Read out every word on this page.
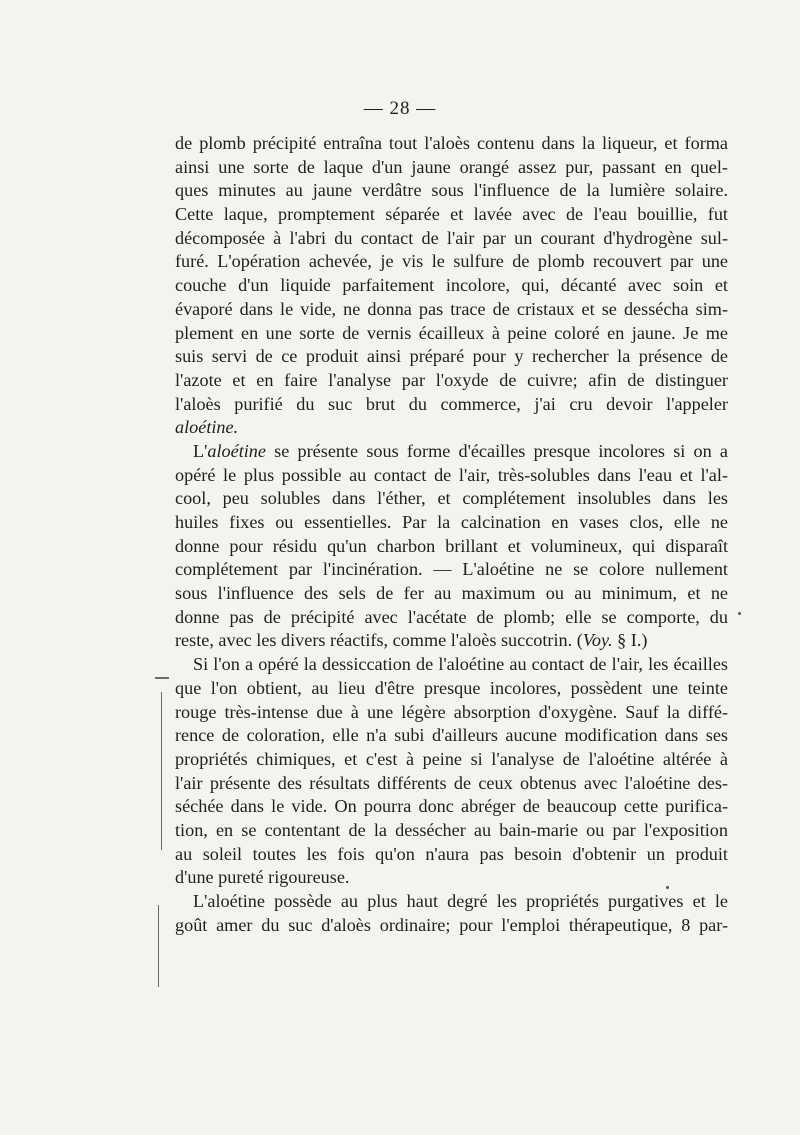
— 28 —
de plomb précipité entraîna tout l'aloès contenu dans la liqueur, et forma
ainsi une sorte de laque d'un jaune orangé assez pur, passant en quel-
ques minutes au jaune verdâtre sous l'influence de la lumière solaire.
Cette laque, promptement séparée et lavée avec de l'eau bouillie, fut
décomposée à l'abri du contact de l'air par un courant d'hydrogène sul-
furé. L'opération achevée, je vis le sulfure de plomb recouvert par une
couche d'un liquide parfaitement incolore, qui, décanté avec soin et
évaporé dans le vide, ne donna pas trace de cristaux et se dessécha sim-
plement en une sorte de vernis écailleux à peine coloré en jaune. Je me
suis servi de ce produit ainsi préparé pour y rechercher la présence de
l'azote et en faire l'analyse par l'oxyde de cuivre; afin de distinguer
l'aloès purifié du suc brut du commerce, j'ai cru devoir l'appeler
aloétine.
L'aloétine se présente sous forme d'écailles presque incolores si on a
opéré le plus possible au contact de l'air, très-solubles dans l'eau et l'al-
cool, peu solubles dans l'éther, et complétement insolubles dans les
huiles fixes ou essentielles. Par la calcination en vases clos, elle ne
donne pour résidu qu'un charbon brillant et volumineux, qui disparaît
complétement par l'incinération. — L'aloétine ne se colore nullement
sous l'influence des sels de fer au maximum ou au minimum, et ne
donne pas de précipité avec l'acétate de plomb; elle se comporte, du
reste, avec les divers réactifs, comme l'aloès succotrin. (Voy. § I.)
Si l'on a opéré la dessiccation de l'aloétine au contact de l'air, les écailles
que l'on obtient, au lieu d'être presque incolores, possèdent une teinte
rouge très-intense due à une légère absorption d'oxygène. Sauf la diffé-
rence de coloration, elle n'a subi d'ailleurs aucune modification dans ses
propriétés chimiques, et c'est à peine si l'analyse de l'aloétine altérée à
l'air présente des résultats différents de ceux obtenus avec l'aloétine des-
séchée dans le vide. On pourra donc abréger de beaucoup cette purifica-
tion, en se contentant de la dessécher au bain-marie ou par l'exposition
au soleil toutes les fois qu'on n'aura pas besoin d'obtenir un produit
d'une pureté rigoureuse.
L'aloétine possède au plus haut degré les propriétés purgatives et le
goût amer du suc d'aloès ordinaire; pour l'emploi thérapeutique, 8 par-
